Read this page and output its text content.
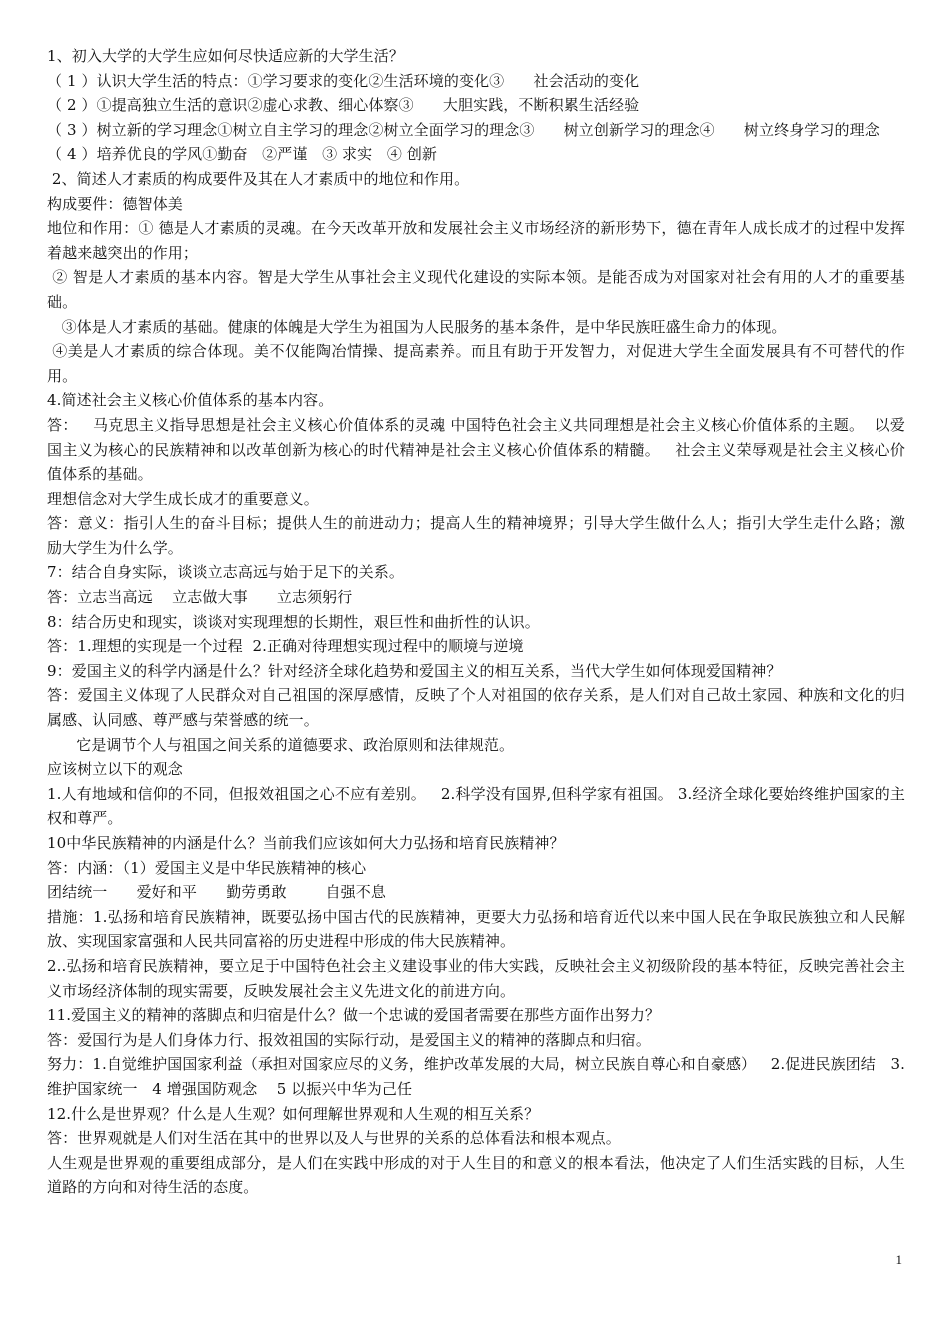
1、初入大学的大学生应如何尽快适应新的大学生活？
（ 1 ）认识大学生活的特点：①学习要求的变化②生活环境的变化③      社会活动的变化
（ 2 ）①提高独立生活的意识②虚心求教、细心体察③      大胆实践，不断积累生活经验
（ 3 ）树立新的学习理念①树立自主学习的理念②树立全面学习的理念③      树立创新学习的理念④      树立终身学习的理念
（ 4 ）培养优良的学风①勤奋   ②严谨   ③ 求实   ④ 创新
2、简述人才素质的构成要件及其在人才素质中的地位和作用。
构成要件：德智体美
地位和作用：① 德是人才素质的灵魂。在今天改革开放和发展社会主义市场经济的新形势下，德在青年人成长成才的过程中发挥着越来越突出的作用；
② 智是人才素质的基本内容。智是大学生从事社会主义现代化建设的实际本领。是能否成为对国家对社会有用的人才的重要基础。
③体是人才素质的基础。健康的体魄是大学生为祖国为人民服务的基本条件，是中华民族旺盛生命力的体现。
④美是人才素质的综合体现。美不仅能陶冶情操、提高素养。而且有助于开发智力，对促进大学生全面发展具有不可替代的作用。
4.简述社会主义核心价值体系的基本内容。
答：   马克思主义指导思想是社会主义核心价值体系的灵魂 中国特色社会主义共同理想是社会主义核心价值体系的主题。  以爱国主义为核心的民族精神和以改革创新为核心的时代精神是社会主义核心价值体系的精髓。   社会主义荣辱观是社会主义核心价值体系的基础。
理想信念对大学生成长成才的重要意义。
答：意义：指引人生的奋斗目标；提供人生的前进动力；提高人生的精神境界；引导大学生做什么人；指引大学生走什么路；激励大学生为什么学。
7：结合自身实际，谈谈立志高远与始于足下的关系。
答：立志当高远    立志做大事      立志须躬行
8：结合历史和现实，谈谈对实现理想的长期性，艰巨性和曲折性的认识。
答：1.理想的实现是一个过程  2.正确对待理想实现过程中的顺境与逆境
9：爱国主义的科学内涵是什么？针对经济全球化趋势和爱国主义的相互关系，当代大学生如何体现爱国精神？
答：爱国主义体现了人民群众对自己祖国的深厚感情，反映了个人对祖国的依存关系，是人们对自己故土家园、种族和文化的归属感、认同感、尊严感与荣誉感的统一。
它是调节个人与祖国之间关系的道德要求、政治原则和法律规范。
应该树立以下的观念
1.人有地域和信仰的不同，但报效祖国之心不应有差别。   2.科学没有国界,但科学家有祖国。 3.经济全球化要始终维护国家的主权和尊严。
10中华民族精神的内涵是什么？当前我们应该如何大力弘扬和培育民族精神？
答：内涵：（1）爱国主义是中华民族精神的核心
团结统一      爱好和平      勤劳勇敢        自强不息
措施：1.弘扬和培育民族精神，既要弘扬中国古代的民族精神，更要大力弘扬和培育近代以来中国人民在争取民族独立和人民解放、实现国家富强和人民共同富裕的历史进程中形成的伟大民族精神。
2..弘扬和培育民族精神，要立足于中国特色社会主义建设事业的伟大实践，反映社会主义初级阶段的基本特征，反映完善社会主义市场经济体制的现实需要，反映发展社会主义先进文化的前进方向。
11.爱国主义的精神的落脚点和归宿是什么？做一个忠诚的爱国者需要在那些方面作出努力？
答：爱国行为是人们身体力行、报效祖国的实际行动，是爱国主义的精神的落脚点和归宿。
努力：1.自觉维护国国家利益（承担对国家应尽的义务，维护改革发展的大局，树立民族自尊心和自豪感）   2.促进民族团结   3.维护国家统一   4 增强国防观念    5 以振兴中华为己任
12.什么是世界观？什么是人生观？如何理解世界观和人生观的相互关系？
答：世界观就是人们对生活在其中的世界以及人与世界的关系的总体看法和根本观点。
人生观是世界观的重要组成部分，是人们在实践中形成的对于人生目的和意义的根本看法，他决定了人们生活实践的目标，人生道路的方向和对待生活的态度。
1
